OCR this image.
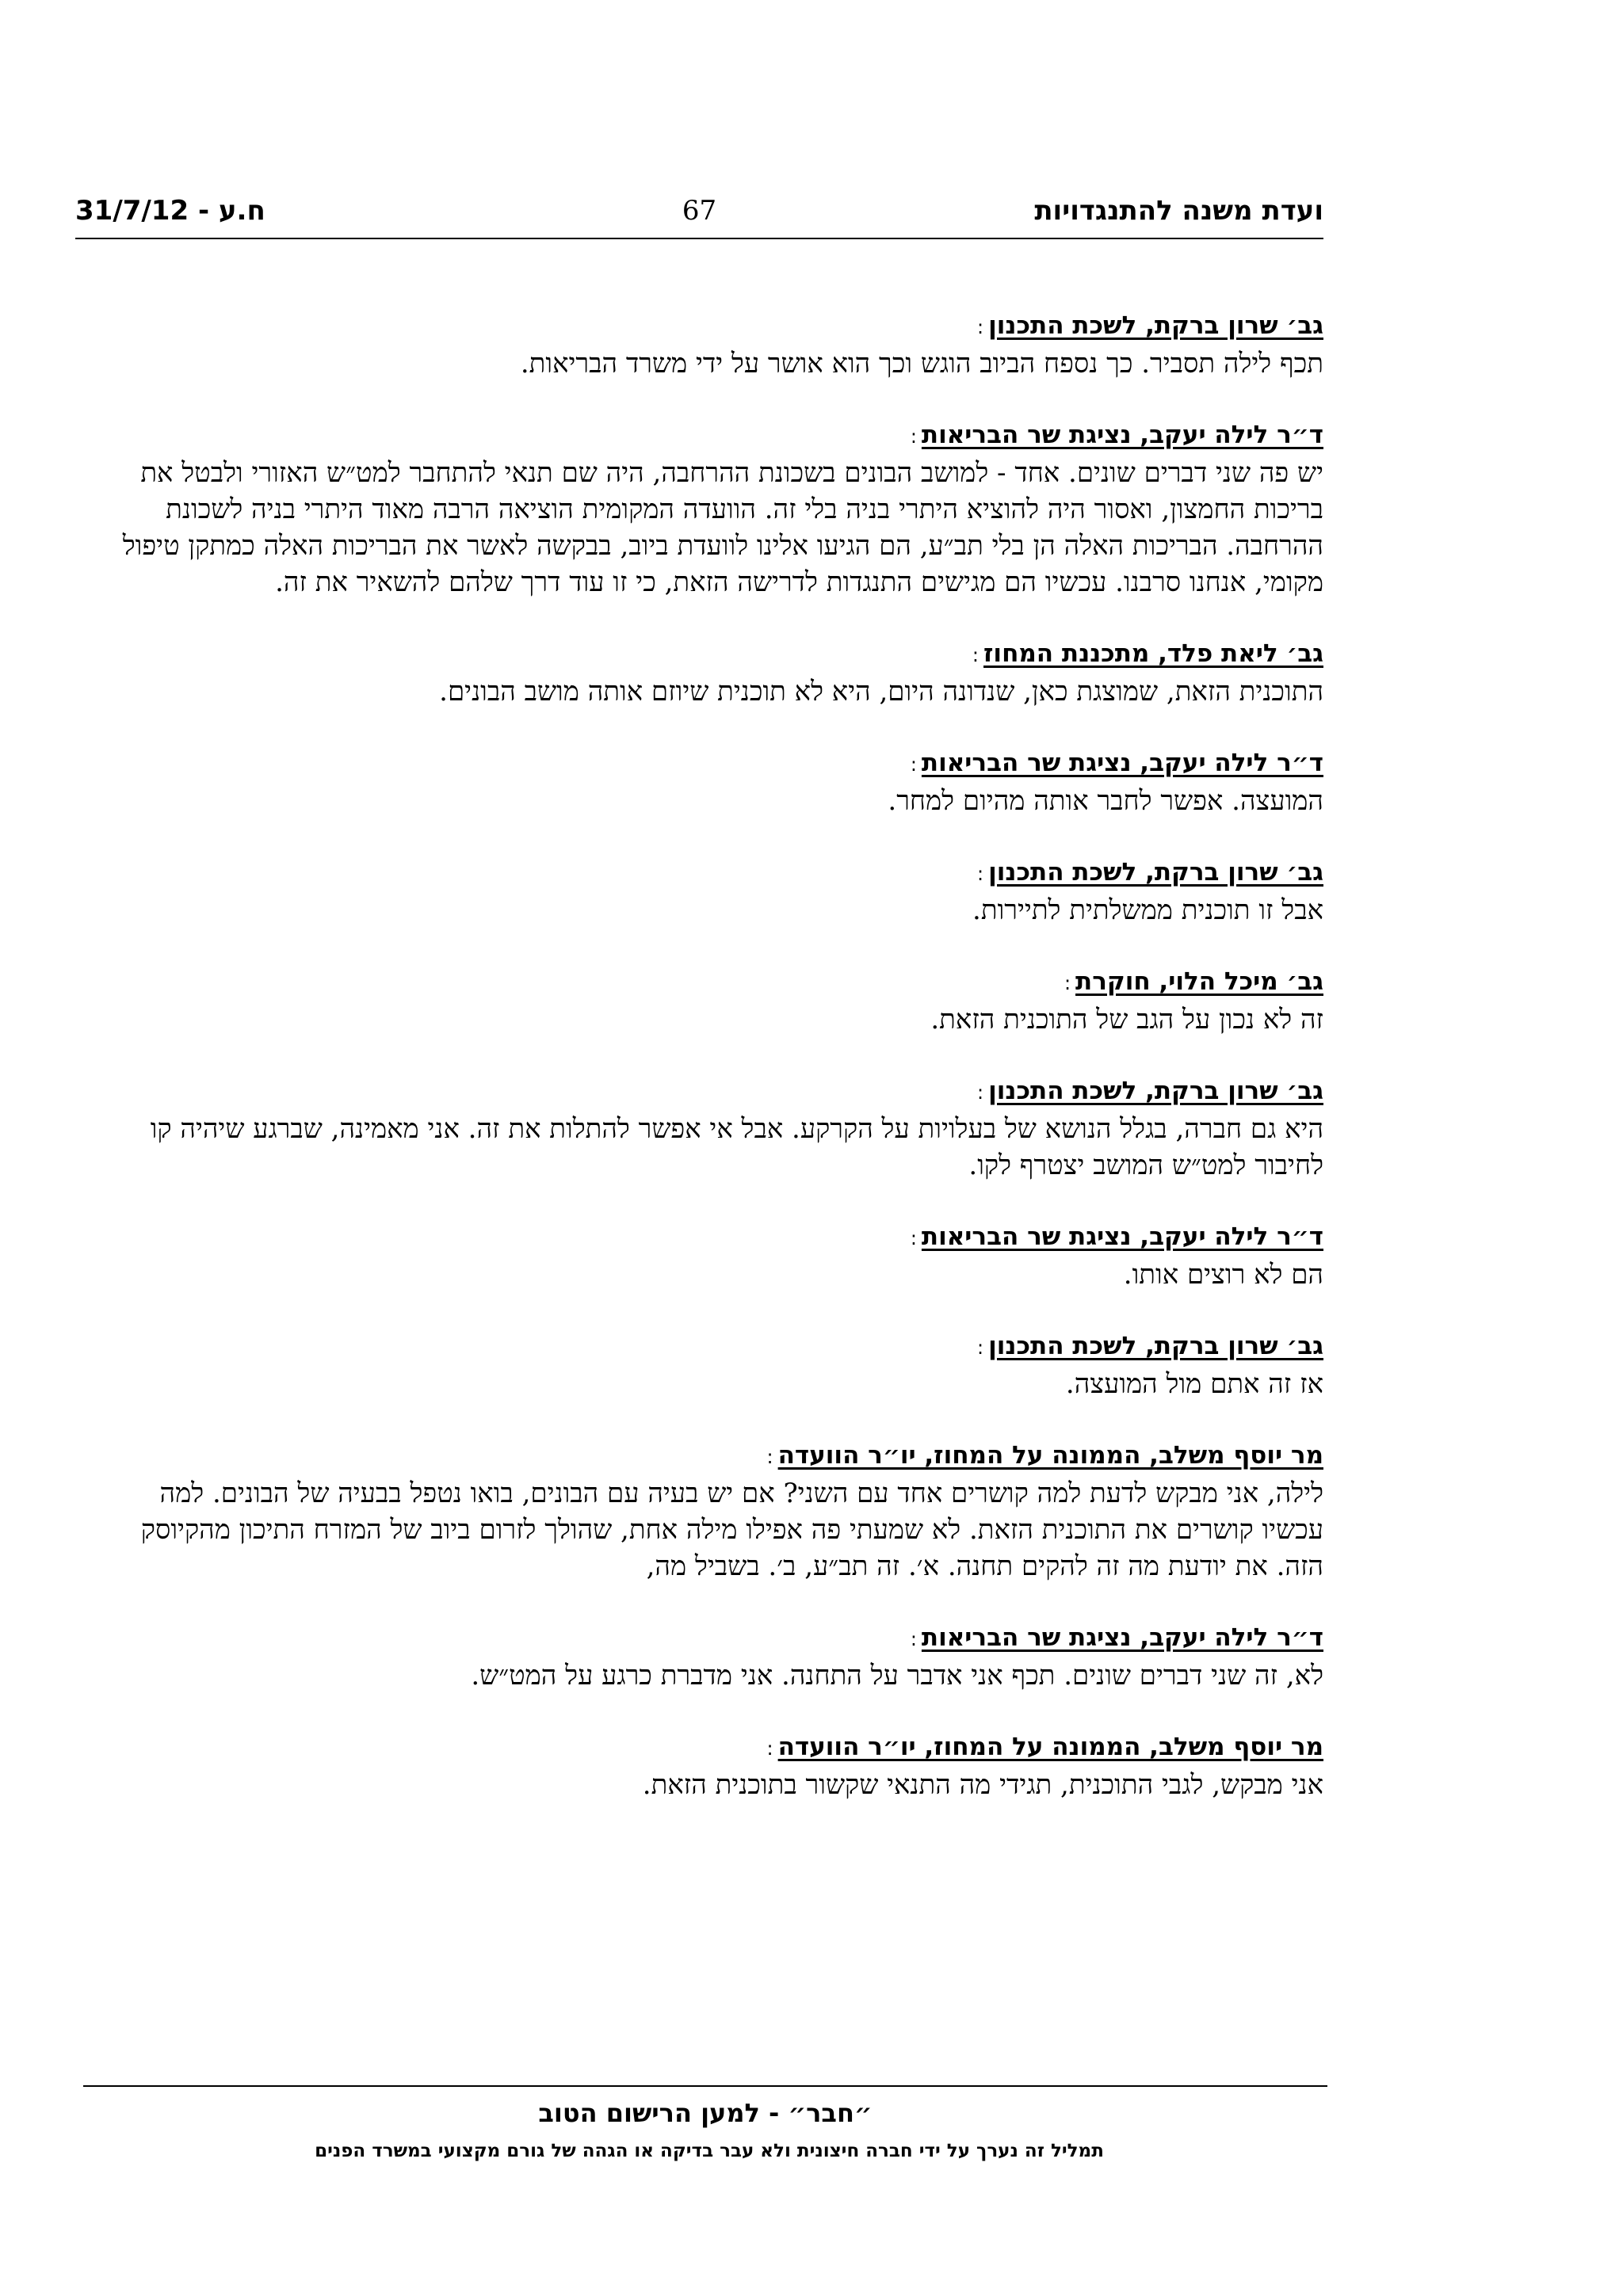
ועדת משנה להתנגדויות
67
ח.ע - 31/7/12
גב׳ שרון ברקת, לשכת התכנון:

תכף לילה תסביר. כך נספח הביוב הוגש וכך הוא אושר על ידי משרד הבריאות.

ד״ר לילה יעקב, נציגת שר הבריאות:

יש פה שני דברים שונים. אחד - למושב הבונים בשכונת ההרחבה, היה שם תנאי להתחבר למט״ש האזורי ולבטל את בריכות החמצון, ואסור היה להוציא היתרי בניה בלי זה. הוועדה המקומית הוציאה הרבה מאוד היתרי בניה לשכונת ההרחבה. הבריכות האלה הן בלי תב״ע, הם הגיעו אלינו לוועדת ביוב, בבקשה לאשר את הבריכות האלה כמתקן טיפול מקומי, אנחנו סרבנו. עכשיו הם מגישים התנגדות לדרישה הזאת, כי זו עוד דרך שלהם להשאיר את זה.

גב׳ ליאת פלד, מתכננת המחוז:

התוכנית הזאת, שמוצגת כאן, שנדונה היום, היא לא תוכנית שיוזם אותה מושב הבונים.

ד״ר לילה יעקב, נציגת שר הבריאות:

המועצה. אפשר לחבר אותה מהיום למחר.

גב׳ שרון ברקת, לשכת התכנון:

אבל זו תוכנית ממשלתית לתיירות.

גב׳ מיכל הלוי, חוקרת:

זה לא נכון על הגב של התוכנית הזאת.

גב׳ שרון ברקת, לשכת התכנון:

היא גם חברה, בגלל הנושא של בעלויות על הקרקע. אבל אי אפשר להתלות את זה. אני מאמינה, שברגע שיהיה קו לחיבור למט״ש המושב יצטרף לקו.

ד״ר לילה יעקב, נציגת שר הבריאות:

הם לא רוצים אותו.

גב׳ שרון ברקת, לשכת התכנון:

אז זה אתם מול המועצה.

מר יוסף משלב, הממונה על המחוז, יו״ר הוועדה:

לילה, אני מבקש לדעת למה קושרים אחד עם השני? אם יש בעיה עם הבונים, בואו נטפל בבעיה של הבונים. למה עכשיו קושרים את התוכנית הזאת. לא שמעתי פה אפילו מילה אחת, שהולך לזרום ביוב של המזרח התיכון מהקיוסק הזה. את יודעת מה זה להקים תחנה. א׳. זה תב״ע, ב׳. בשביל מה,

ד״ר לילה יעקב, נציגת שר הבריאות:

לא, זה שני דברים שונים. תכף אני אדבר על התחנה. אני מדברת כרגע על המט״ש.

מר יוסף משלב, הממונה על המחוז, יו״ר הוועדה:

אני מבקש, לגבי התוכנית, תגידי מה התנאי שקשור בתוכנית הזאת.

״חבר״ - למען הרישום הטוב
תמליל זה נערך על ידי חברה חיצונית ולא עבר בדיקה או הגהה של גורם מקצועי במשרד הפנים
